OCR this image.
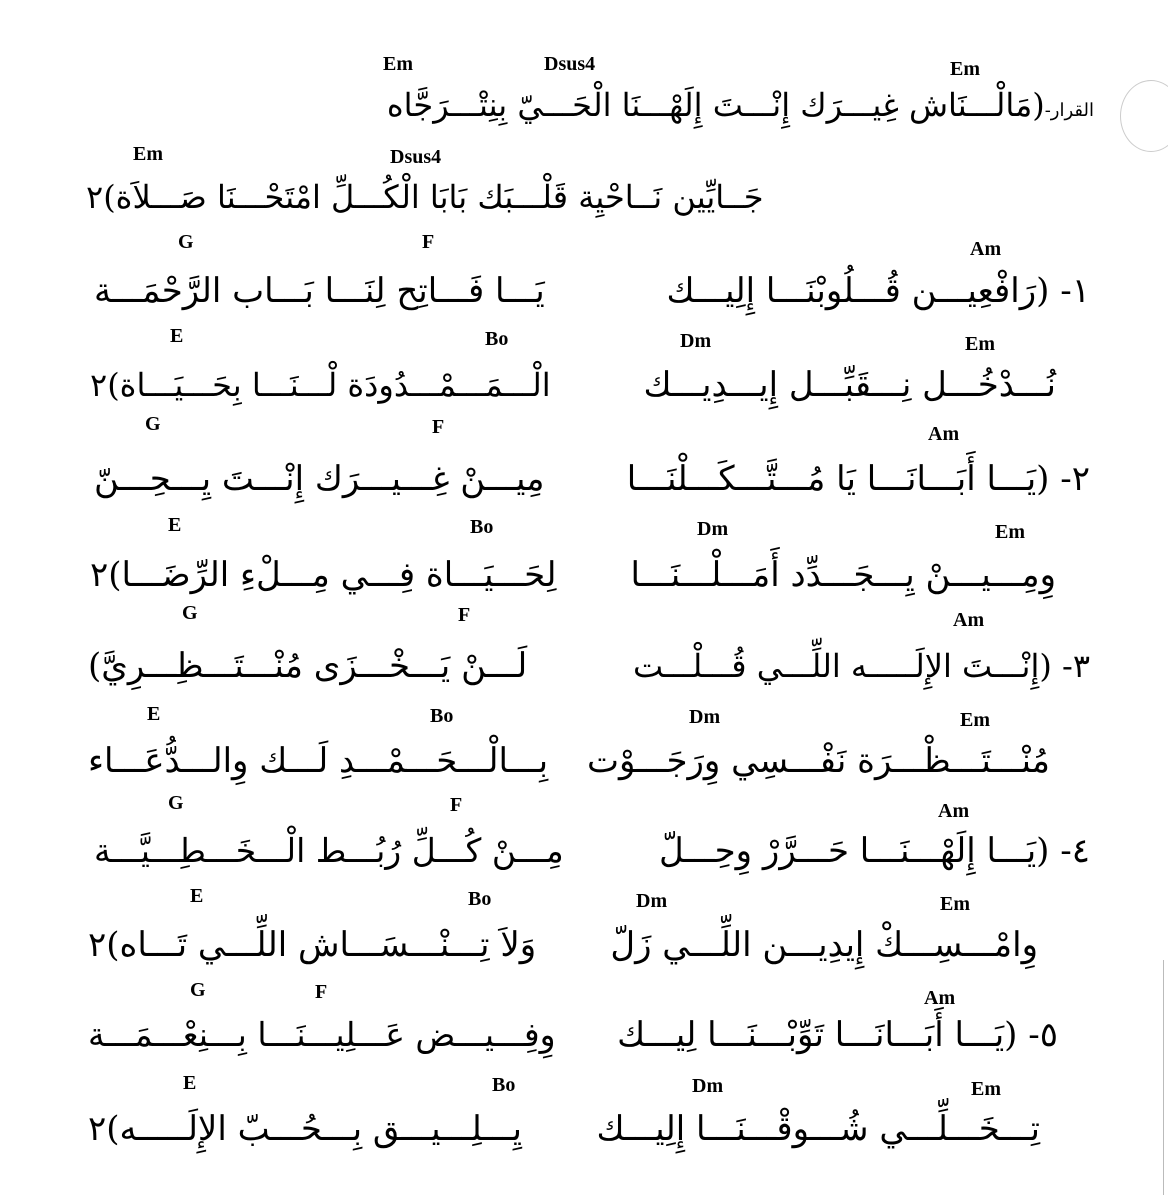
Em	Dsus4	Em
القرار-(مَالْـــنَاش غِيـــرَك إِنْـــتَ إِلَهْـــنَا الْحَـــيّ بِنِتْـــرَجَّاه
Em	Dsus4
جَــايِّين نَــاحْيِة قَلْـــبَك بَابَا الْكُـــلِّ امْتَحْـــنَا صَـــلاَة)٢
G	F	Am
١- (رَافْعِيـــن قُـــلُوبْنَـــا إِلِيـــك
يَـــا فَـــاتِح لِنَـــا بَـــاب الرَّحْمَـــة
E	Bo	Dm	Em
نُـــدْخُـــل نِـــقَبِّـــل إِيـــدِيـــك
الْـــمَـــمْـــدُودَة لْـــنَـــا بِحَـــيَـــاة)٢
G	F	Am
٢- (يَـــا أَبَـــانَـــا يَا مُـــتَّـــكَـــلْنَـــا
مِيـــنْ غِـــيـــرَك إِنْـــتَ يِـــحِـــنّ
E	Bo	Dm	Em
وِمِـــيـــنْ يِـــجَـــدِّد أَمَـــلْـــنَـــا
لِحَـــيَـــاة فِـــي مِـــلْءِ الرِّضَـــا)٢
G	F	Am
٣- (إِنْـــتَ الإِلَـــــه اللِّـــي قُـــلْـــت
لَـــنْ يَـــخْـــزَى مُنْـــتَـــظِـــرِيَّ)
E	Bo	Dm	Em
مُنْـــتَـــظْـــرَة نَفْـــسِي وِرَجَـــوْت
بِـــالْـــحَـــمْـــدِ لَـــك وِالـــدُّعَـــاء
G	F	Am
٤- (يَـــا إِلَهْـــنَـــا حَـــرَّرْ وِحِـــلّ
مِـــنْ كُـــلِّ رُبُـــط الْـــخَـــطِـــيَّـــة
E	Bo	Dm	Em
وِامْـــسِـــكْ إِيدِيـــن اللِّـــي زَلّ
وَلاَ تِـــنْـــسَـــاش اللِّـــي تَـــاه)٢
G	F	Am
٥- (يَـــا أَبَـــانَـــا تَوِّبْـــنَـــا لِيـــك
وِفِـــيـــض عَـــلِيـــنَـــا بِـــنِعْـــمَـــة
E	Bo	Dm	Em
تِـــخَـــلِّـــي شُـــوقْـــنَـــا إِلِيـــك
يِـــلِـــيـــق بِـــحُـــبّ الإِلَـــــه)٢
